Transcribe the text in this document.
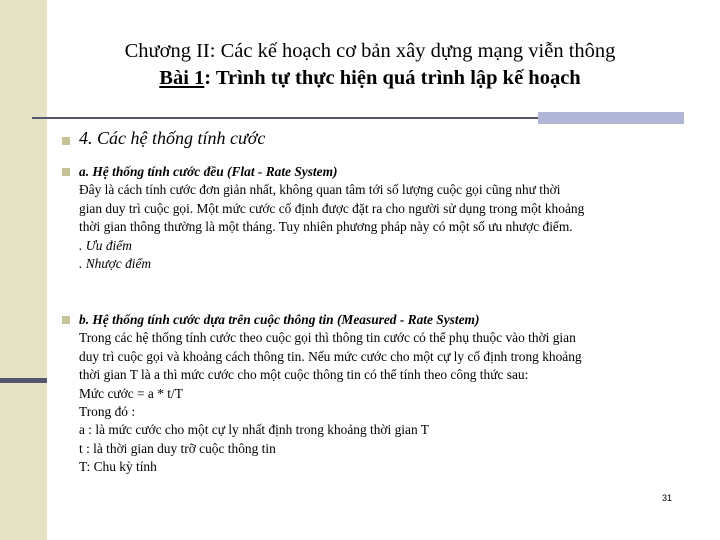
Chương II: Các kế hoạch cơ bản xây dựng mạng viễn thông
Bài 1: Trình tự thực hiện quá trình lập kế hoạch
4. Các hệ thống tính cước
a. Hệ thống tính cước đều (Flat - Rate System)
Đây là cách tính cước đơn giản nhất, không quan tâm tới số lượng cuộc gọi cũng như thời
gian duy trì cuộc gọi. Một mức cước cố định được đặt ra cho người sử dụng trong một khoảng
thời gian thông thường là một tháng. Tuy nhiên phương pháp này có một số ưu nhược điểm.
. Ưu điểm
. Nhược điểm
b. Hệ thống tính cước dựa trên cuộc thông tin (Measured - Rate System)
Trong các hệ thống tính cước theo cuộc gọi thì thông tin cước có thể phụ thuộc vào thời gian
duy trì cuộc gọi và khoảng cách thông tin. Nếu mức cước cho một cự ly cố định trong khoảng
thời gian T là a thì mức cước cho một cuộc thông tin có thể tính theo công thức sau:
Mức cước = a * t/T
Trong đó :
a : là mức cước cho một cự ly nhất định trong khoảng thời gian T
t : là thời gian duy trỡ cuộc thông tin
T: Chu kỳ tính
31
